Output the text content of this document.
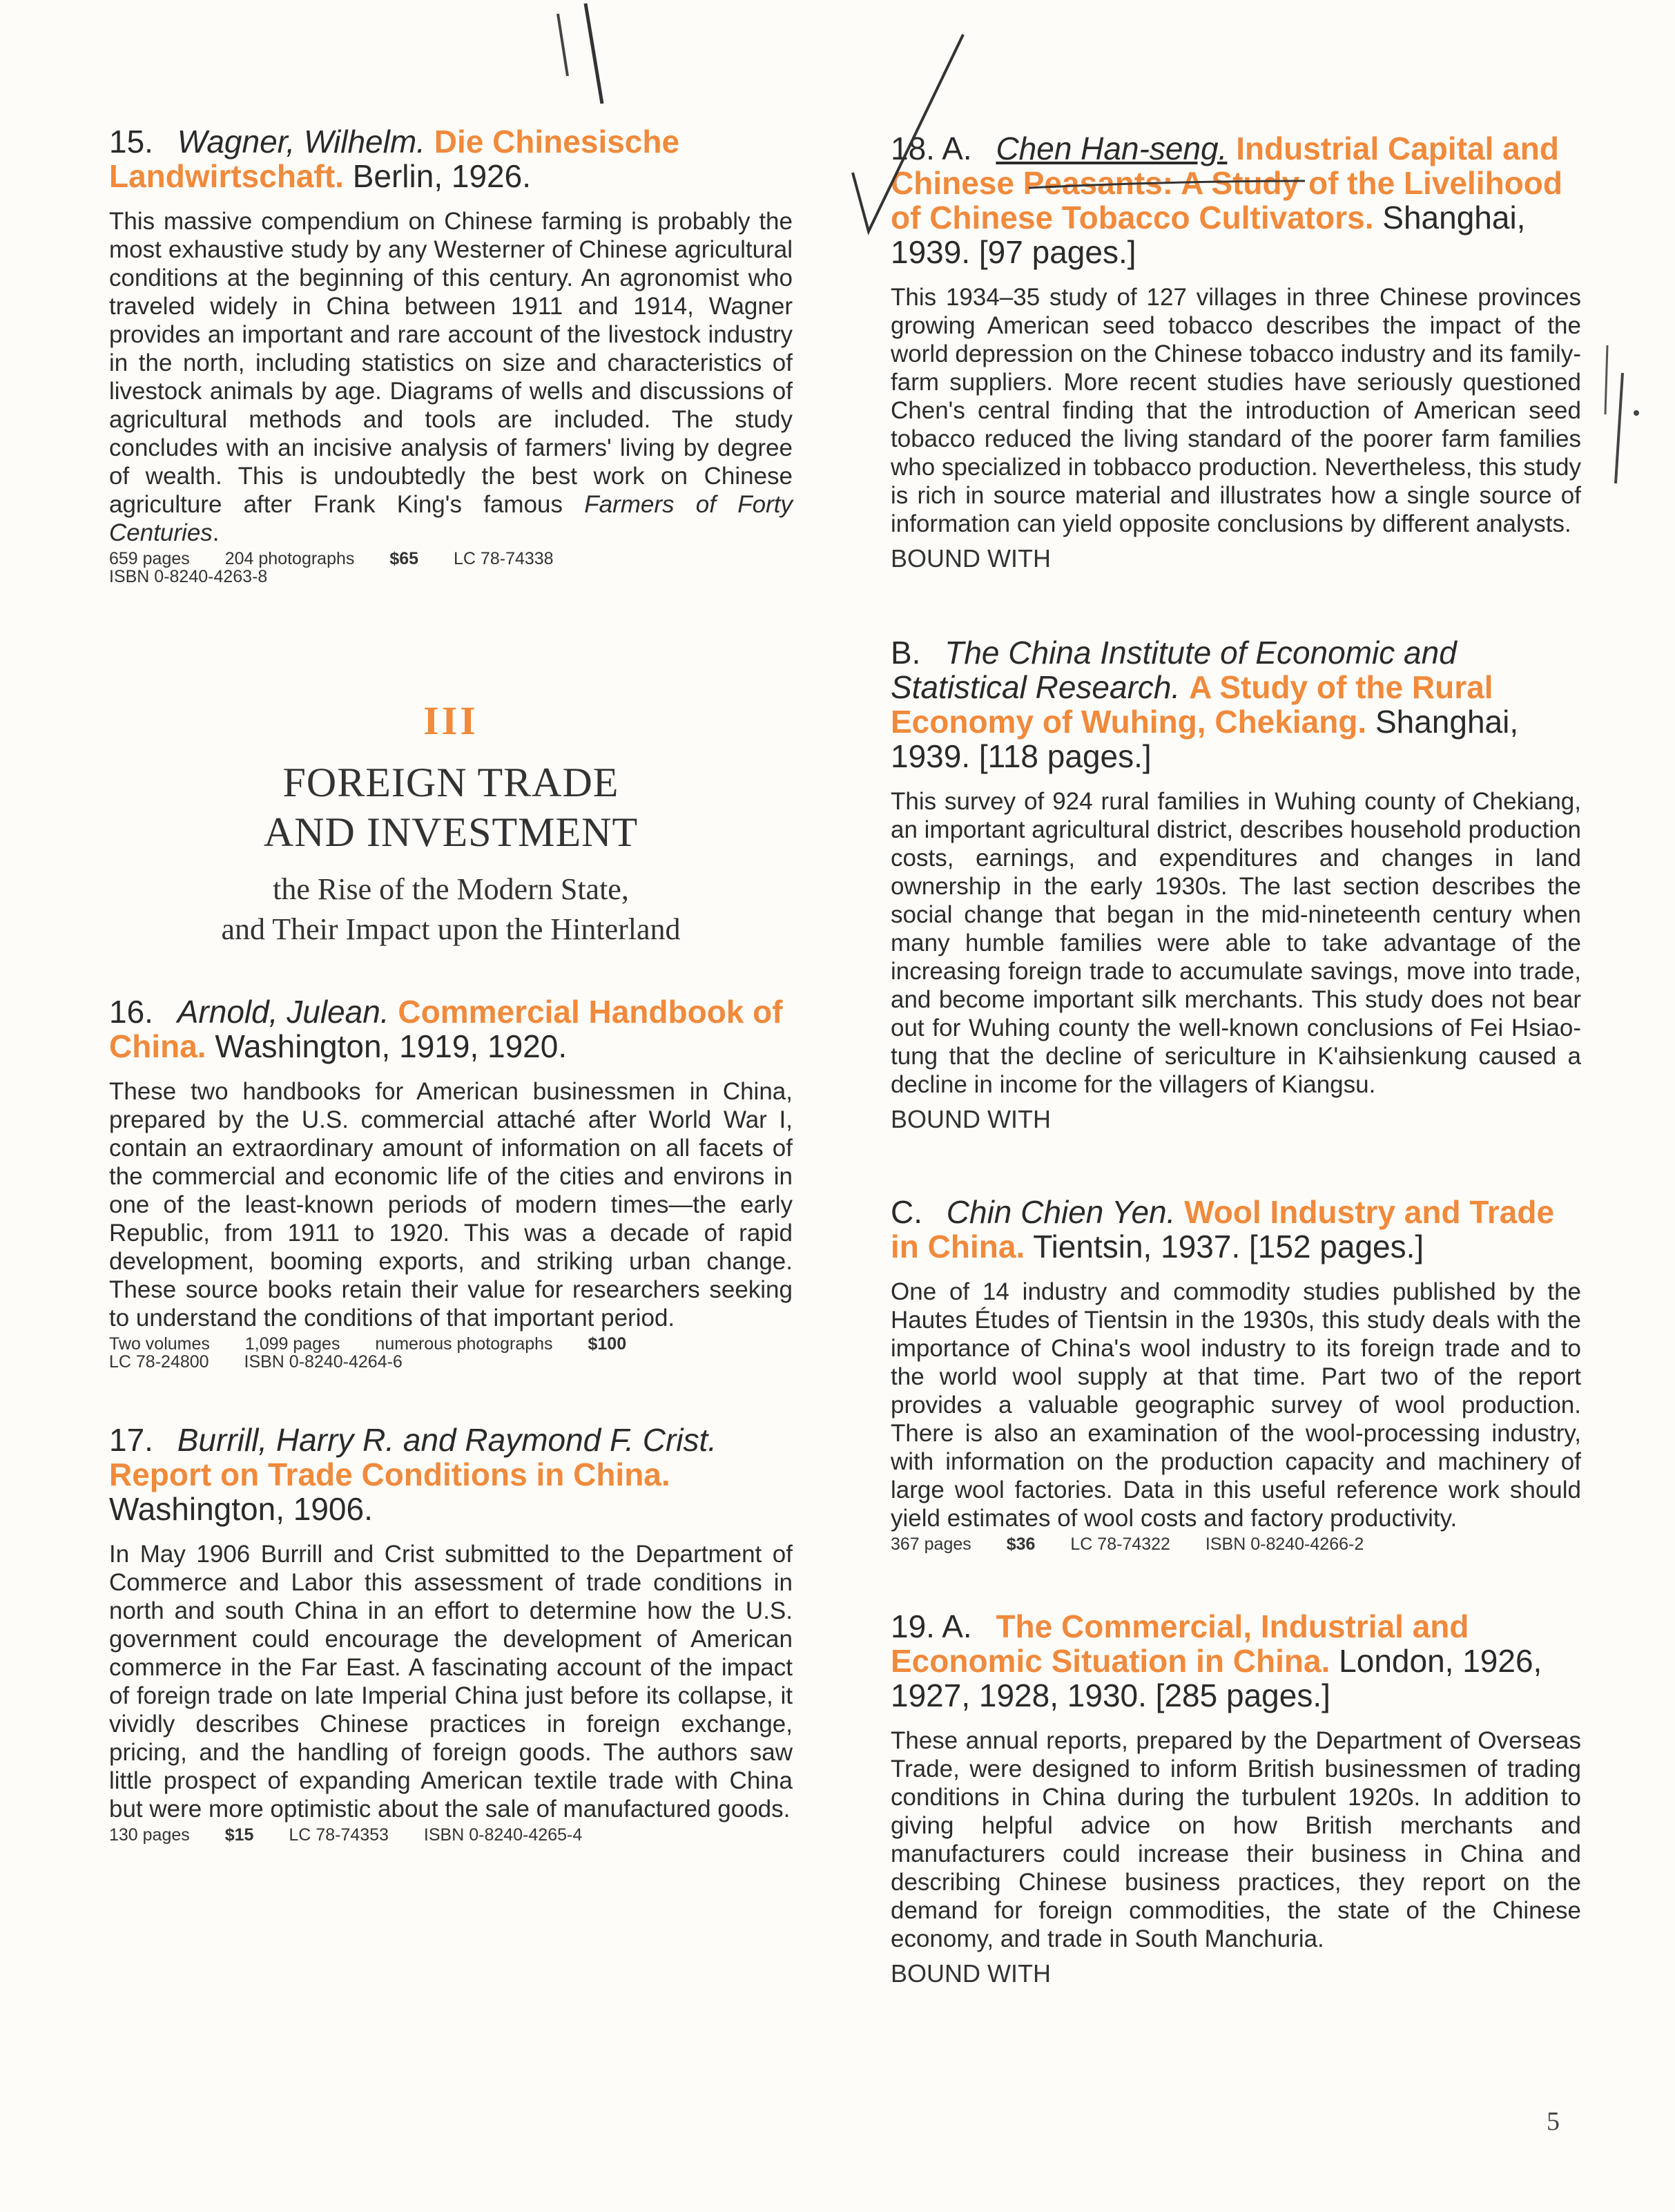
15. Wagner, Wilhelm. Die Chinesische Landwirtschaft. Berlin, 1926.

This massive compendium on Chinese farming is probably the most exhaustive study by any Westerner of Chinese agricultural conditions at the beginning of this century. An agronomist who traveled widely in China between 1911 and 1914, Wagner provides an important and rare account of the livestock industry in the north, including statistics on size and characteristics of livestock animals by age. Diagrams of wells and discussions of agricultural methods and tools are included. The study concludes with an incisive analysis of farmers' living by degree of wealth. This is undoubtedly the best work on Chinese agriculture after Frank King's famous Farmers of Forty Centuries.

659 pages 204 photographs $65 LC 78-74338
ISBN 0-8240-4263-8
III
FOREIGN TRADE
AND INVESTMENT
the Rise of the Modern State,
and Their Impact upon the Hinterland
16. Arnold, Julean. Commercial Handbook of China. Washington, 1919, 1920.

These two handbooks for American businessmen in China, prepared by the U.S. commercial attaché after World War I, contain an extraordinary amount of information on all facets of the commercial and economic life of the cities and environs in one of the least-known periods of modern times—the early Republic, from 1911 to 1920. This was a decade of rapid development, booming exports, and striking urban change. These source books retain their value for researchers seeking to understand the conditions of that important period.

Two volumes 1,099 pages numerous photographs $100
LC 78-24800 ISBN 0-8240-4264-6
17. Burrill, Harry R. and Raymond F. Crist. Report on Trade Conditions in China. Washington, 1906.

In May 1906 Burrill and Crist submitted to the Department of Commerce and Labor this assessment of trade conditions in north and south China in an effort to determine how the U.S. government could encourage the development of American commerce in the Far East. A fascinating account of the impact of foreign trade on late Imperial China just before its collapse, it vividly describes Chinese practices in foreign exchange, pricing, and the handling of foreign goods. The authors saw little prospect of expanding American textile trade with China but were more optimistic about the sale of manufactured goods.

130 pages $15 LC 78-74353 ISBN 0-8240-4265-4
18. A. Chen Han-seng. Industrial Capital and Chinese Peasants: A Study of the Livelihood of Chinese Tobacco Cultivators. Shanghai, 1939. [97 pages.]

This 1934–35 study of 127 villages in three Chinese provinces growing American seed tobacco describes the impact of the world depression on the Chinese tobacco industry and its family-farm suppliers. More recent studies have seriously questioned Chen's central finding that the introduction of American seed tobacco reduced the living standard of the poorer farm families who specialized in tobbacco production. Nevertheless, this study is rich in source material and illustrates how a single source of information can yield opposite conclusions by different analysts.

BOUND WITH

B. The China Institute of Economic and Statistical Research. A Study of the Rural Economy of Wuhing, Chekiang. Shanghai, 1939. [118 pages.]

This survey of 924 rural families in Wuhing county of Chekiang, an important agricultural district, describes household production costs, earnings, and expenditures and changes in land ownership in the early 1930s. The last section describes the social change that began in the mid-nineteenth century when many humble families were able to take advantage of the increasing foreign trade to accumulate savings, move into trade, and become important silk merchants. This study does not bear out for Wuhing county the well-known conclusions of Fei Hsiao-tung that the decline of sericulture in K'aihsienkung caused a decline in income for the villagers of Kiangsu.

BOUND WITH

C. Chin Chien Yen. Wool Industry and Trade in China. Tientsin, 1937. [152 pages.]

One of 14 industry and commodity studies published by the Hautes Études of Tientsin in the 1930s, this study deals with the importance of China's wool industry to its foreign trade and to the world wool supply at that time. Part two of the report provides a valuable geographic survey of wool production. There is also an examination of the wool-processing industry, with information on the production capacity and machinery of large wool factories. Data in this useful reference work should yield estimates of wool costs and factory productivity.

367 pages $36 LC 78-74322 ISBN 0-8240-4266-2
19. A. The Commercial, Industrial and Economic Situation in China. London, 1926, 1927, 1928, 1930. [285 pages.]

These annual reports, prepared by the Department of Overseas Trade, were designed to inform British businessmen of trading conditions in China during the turbulent 1920s. In addition to giving helpful advice on how British merchants and manufacturers could increase their business in China and describing Chinese business practices, they report on the demand for foreign commodities, the state of the Chinese economy, and trade in South Manchuria.

BOUND WITH

5
